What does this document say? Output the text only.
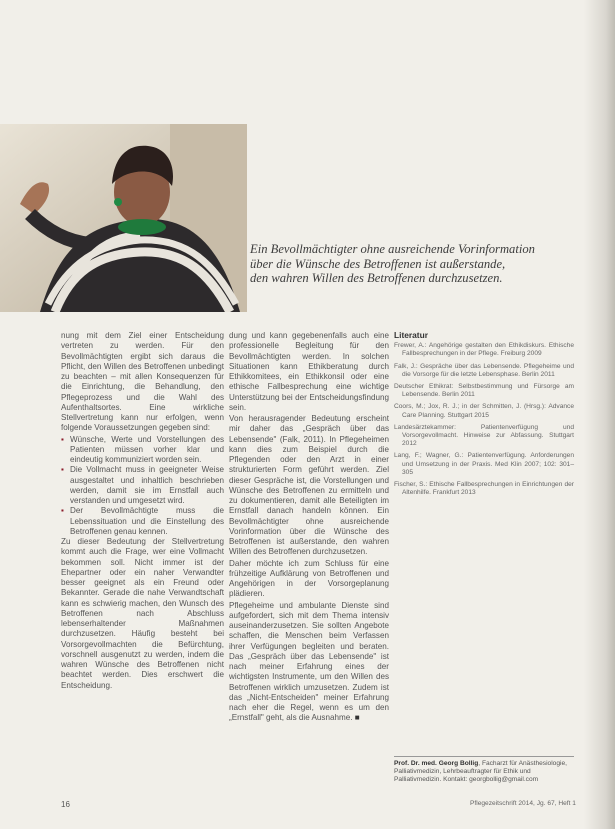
Ein Bevollmächtigter ohne ausreichende Vorinformation
über die Wünsche des Betroffenen ist außerstande,
den wahren Willen des Betroffenen durchzusetzen.

nung mit dem Ziel einer Entscheidung vertreten zu werden. Für den Bevollmächtigten ergibt sich daraus die Pflicht, den Willen des Betroffenen unbedingt zu beachten – mit allen Konsequenzen für die Einrichtung, die Behandlung, den Pflegeprozess und die Wahl des Aufenthaltsortes. Eine wirkliche Stellvertretung kann nur erfolgen, wenn folgende Voraussetzungen gegeben sind:

▪ Wünsche, Werte und Vorstellungen des Patienten müssen vorher klar und eindeutig kommuniziert worden sein.
▪ Die Vollmacht muss in geeigneter Weise ausgestaltet und inhaltlich beschrieben werden, damit sie im Ernstfall auch verstanden und umgesetzt wird.
▪ Der Bevollmächtigte muss die Lebenssituation und die Einstellung des Betroffenen genau kennen.

Zu dieser Bedeutung der Stellvertretung kommt auch die Frage, wer eine Vollmacht bekommen soll. Nicht immer ist der Ehepartner oder ein naher Verwandter besser geeignet als ein Freund oder Bekannter. Gerade die nahe Verwandtschaft kann es schwierig machen, den Wunsch des Betroffenen nach Abschluss lebenserhaltender Maßnahmen durchzusetzen. Häufig besteht bei Vorsorgevollmachten die Befürchtung, vorschnell ausgenutzt zu werden, indem die wahren Wünsche des Betroffenen nicht beachtet werden. Dies erschwert die Entscheidung.

dung und kann gegebenenfalls auch eine professionelle Begleitung für den Bevollmächtigten werden. In solchen Situationen kann Ethikberatung durch Ethikkomitees, ein Ethikkonsil oder eine ethische Fallbesprechung eine wichtige Unterstützung bei der Entscheidungsfindung sein.

Von herausragender Bedeutung erscheint mir daher das „Gespräch über das Lebensende" (Falk, 2011). In Pflegeheimen kann dies zum Beispiel durch die Pflegenden oder den Arzt in einer strukturierten Form geführt werden. Ziel dieser Gespräche ist, die Vorstellungen und Wünsche des Betroffenen zu ermitteln und zu dokumentieren, damit alle Beteiligten im Ernstfall danach handeln können. Ein Bevollmächtigter ohne ausreichende Vorinformation über die Wünsche des Betroffenen ist außerstande, den wahren Willen des Betroffenen durchzusetzen.

Daher möchte ich zum Schluss für eine frühzeitige Aufklärung von Betroffenen und Angehörigen in der Vorsorgeplanung plädieren.

Pflegeheime und ambulante Dienste sind aufgefordert, sich mit dem Thema intensiv auseinanderzusetzen. Sie sollten Angebote schaffen, die Menschen beim Verfassen ihrer Verfügungen begleiten und beraten. Das „Gespräch über das Lebensende" ist nach meiner Erfahrung eines der wichtigsten Instrumente, um den Willen des Betroffenen wirklich umzusetzen. Zudem ist das „Nicht-Entscheiden" meiner Erfahrung nach eher die Regel, wenn es um den „Ernstfall" geht, als die Ausnahme. ■

Literatur
Frewer, A.: Angehörige gestalten den Ethikdiskurs. Ethische Fallbesprechungen in der Pflege. Freiburg 2009
Falk, J.: Gespräche über das Lebensende. Pflegeheime und die Vorsorge für die letzte Lebensphase. Berlin 2011
Deutscher Ethikrat: Selbstbestimmung und Fürsorge am Lebensende. Berlin 2011
Coors, M.; Jox, R. J.; in der Schmitten, J. (Hrsg.): Advance Care Planning. Stuttgart 2015
Landesärztekammer: Patientenverfügung und Vorsorgevollmacht. Hinweise zur Abfassung. Stuttgart 2012
Lang, F.; Wagner, G.: Patientenverfügung. Anforderungen und Umsetzung in der Praxis. Med Klin 2007; 102: 301–305
Fischer, S.: Ethische Fallbesprechungen in Einrichtungen der Altenhilfe. Frankfurt 2013
Prof. Dr. med. Georg Bollig, Facharzt für Anästhesiologie, Palliativmedizin, Lehrbeauftragter für Ethik und Palliativmedizin. Kontakt: georgbollig@gmail.com
16	Pflegezeitschrift 2014, Jg. 67, Heft 1
